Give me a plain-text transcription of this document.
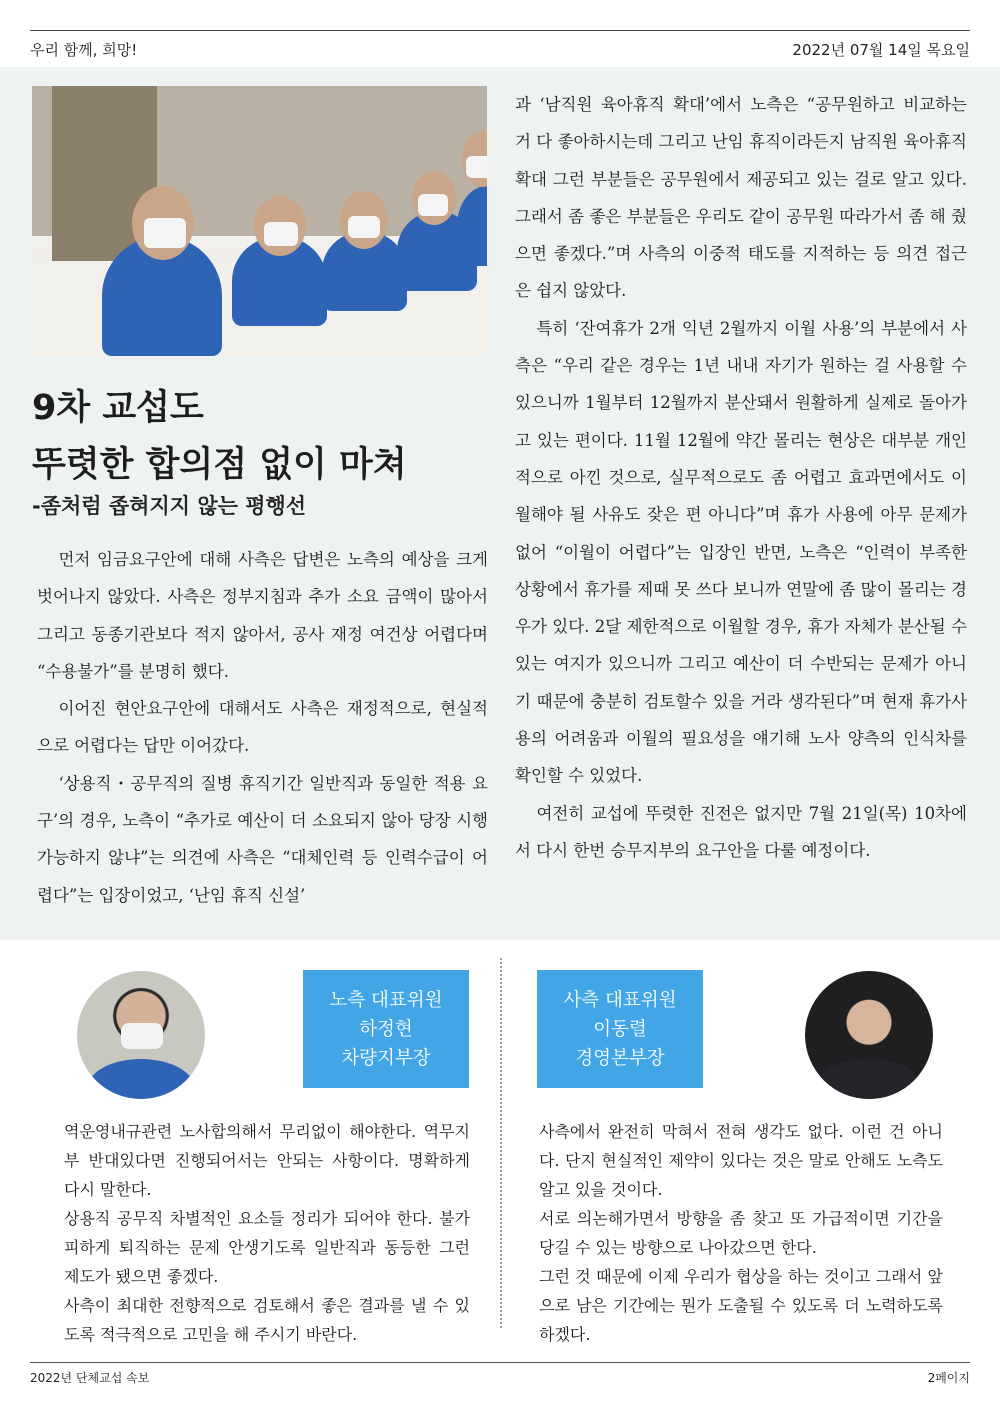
우리 함께, 희망!	2022년 07월 14일 목요일
9차 교섭도
뚜렷한 합의점 없이 마쳐
-좀처럼 좁혀지지 않는 평행선

먼저 임금요구안에 대해 사측은 답변은 노측의 예상을 크게 벗어나지 않았다. 사측은 정부지침과 추가 소요 금액이 많아서 그리고 동종기관보다 적지 않아서, 공사 재정 여건상 어렵다며 “수용불가”를 분명히 했다.

이어진 현안요구안에 대해서도 사측은 재정적으로, 현실적으로 어렵다는 답만 이어갔다.

‘상용직・공무직의 질병 휴직기간 일반직과 동일한 적용 요구’의 경우, 노측이 “추가로 예산이 더 소요되지 않아 당장 시행가능하지 않냐”는 의견에 사측은 “대체인력 등 인력수급이 어렵다”는 입장이었고, ‘난임 휴직 신설’

과 ‘남직원 육아휴직 확대’에서 노측은 “공무원하고 비교하는 거 다 좋아하시는데 그리고 난임 휴직이라든지 남직원 육아휴직 확대 그런 부분들은 공무원에서 제공되고 있는 걸로 알고 있다. 그래서 좀 좋은 부분들은 우리도 같이 공무원 따라가서 좀 해 줬으면 좋겠다.”며 사측의 이중적 태도를 지적하는 등 의견 접근은 쉽지 않았다.

특히 ‘잔여휴가 2개 익년 2월까지 이월 사용’의 부분에서 사측은 “우리 같은 경우는 1년 내내 자기가 원하는 걸 사용할 수 있으니까 1월부터 12월까지 분산돼서 원활하게 실제로 돌아가고 있는 편이다. 11월 12월에 약간 몰리는 현상은 대부분 개인적으로 아낀 것으로, 실무적으로도 좀 어렵고 효과면에서도 이월해야 될 사유도 잦은 편 아니다”며 휴가 사용에 아무 문제가 없어 “이월이 어렵다”는 입장인 반면, 노측은 “인력이 부족한 상황에서 휴가를 제때 못 쓰다 보니까 연말에 좀 많이 몰리는 경우가 있다. 2달 제한적으로 이월할 경우, 휴가 자체가 분산될 수 있는 여지가 있으니까 그리고 예산이 더 수반되는 문제가 아니기 때문에 충분히 검토할수 있을 거라 생각된다”며 현재 휴가사용의 어려움과 이월의 필요성을 얘기해 노사 양측의 인식차를 확인할 수 있었다.

여전히 교섭에 뚜렷한 진전은 없지만 7월 21일(목) 10차에서 다시 한번 승무지부의 요구안을 다룰 예정이다.

노측 대표위원
하정현
차량지부장
사측 대표위원
이동렬
경영본부장

역운영내규관련 노사합의해서 무리없이 해야한다. 역무지부 반대있다면 진행되어서는 안되는 사항이다. 명확하게 다시 말한다.

상용직 공무직 차별적인 요소들 정리가 되어야 한다. 불가피하게 퇴직하는 문제 안생기도록 일반직과 동등한 그런 제도가 됐으면 좋겠다.

사측이 최대한 전향적으로 검토해서 좋은 결과를 낼 수 있도록 적극적으로 고민을 해 주시기 바란다.

사측에서 완전히 막혀서 전혀 생각도 없다. 이런 건 아니다. 단지 현실적인 제약이 있다는 것은 말로 안해도 노측도 알고 있을 것이다.

서로 의논해가면서 방향을 좀 찾고 또 가급적이면 기간을 당길 수 있는 방향으로 나아갔으면 한다.

그런 것 때문에 이제 우리가 협상을 하는 것이고 그래서 앞으로 남은 기간에는 뭔가 도출될 수 있도록 더 노력하도록 하겠다.

2022년 단체교섭 속보	2페이지
